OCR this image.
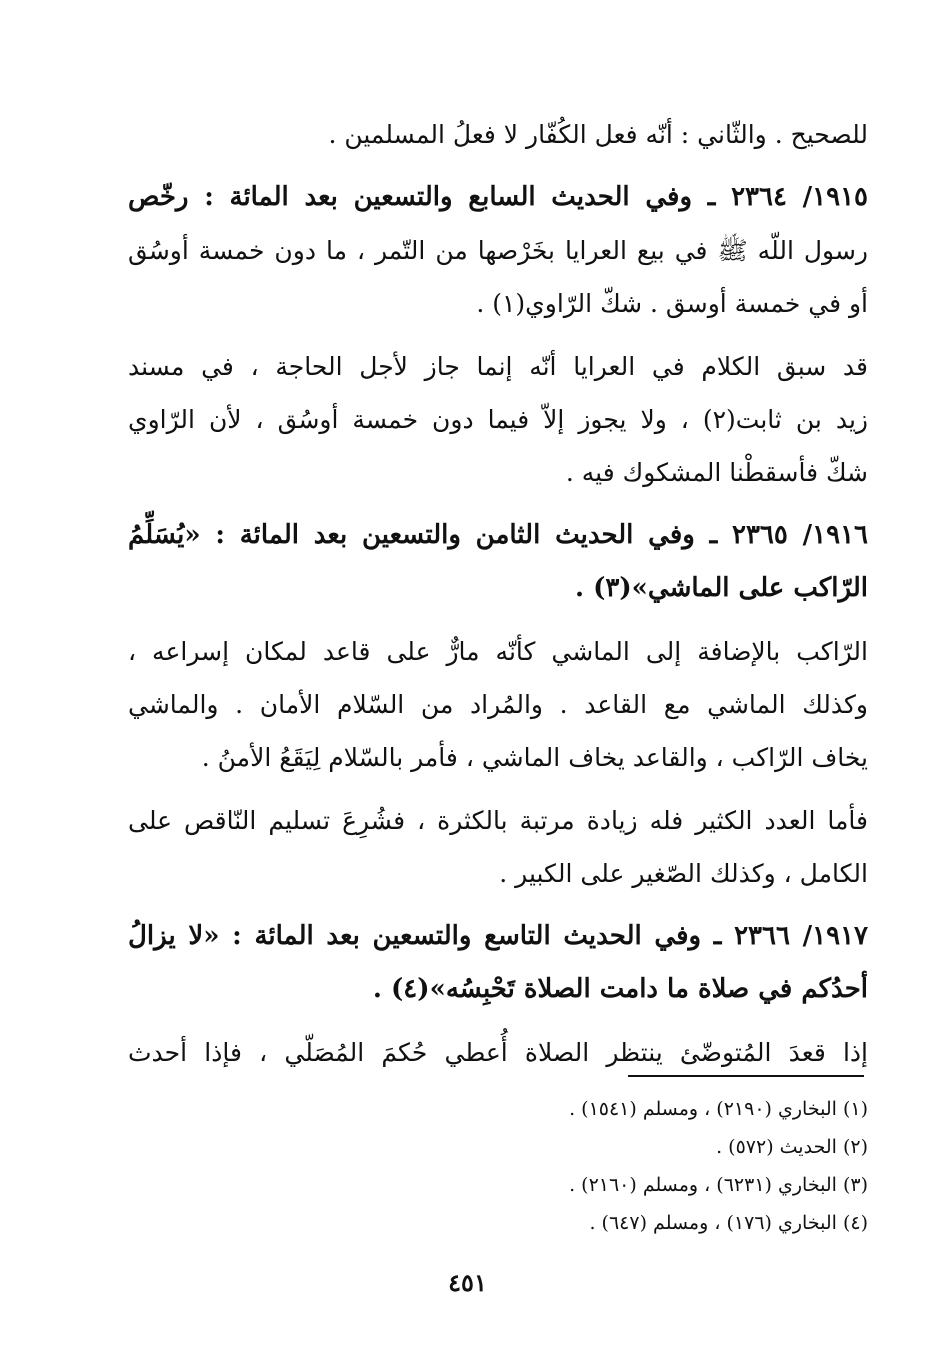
للصحيح . والثّاني : أنّه فعل الكُفّار لا فعلُ المسلمين .
١٩١٥/ ٢٣٦٤ ـ وفي الحديث السابع والتسعين بعد المائة : رخّص
رسول اللّه ﷺ في بيع العرايا بخَرْصها من التّمر ، ما دون خمسة أوسُق
أو في خمسة أوسق . شكّ الرّاوي(١) .
قد سبق الكلام في العرايا أنّه إنما جاز لأجل الحاجة ، في مسند
زيد بن ثابت(٢) ، ولا يجوز إلاّ فيما دون خمسة أوسُق ، لأن الرّاوي
شكّ فأسقطْنا المشكوك فيه .
١٩١٦/ ٢٣٦٥ ـ وفي الحديث الثامن والتسعين بعد المائة : «يُسَلِّمُ
الرّاكب على الماشي»(٣) .
الرّاكب بالإضافة إلى الماشي كأنّه مارٌّ على قاعد لمكان إسراعه ،
وكذلك الماشي مع القاعد . والمُراد من السّلام الأمان . والماشي
يخاف الرّاكب ، والقاعد يخاف الماشي ، فأمر بالسّلام لِيَقَعُ الأمنُ .
فأما العدد الكثير فله زيادة مرتبة بالكثرة ، فشُرِعَ تسليم النّاقص على
الكامل ، وكذلك الصّغير على الكبير .
١٩١٧/ ٢٣٦٦ ـ وفي الحديث التاسع والتسعين بعد المائة : «لا يزالُ
أحدُكم في صلاة ما دامت الصلاة تَحْبِسُه»(٤) .
إذا قعدَ المُتوضّئ ينتظر الصلاة أُعطي حُكمَ المُصَلّي ، فإذا أحدث
(١) البخاري (٢١٩٠) ، ومسلم (١٥٤١) .
(٢) الحديث (٥٧٢) .
(٣) البخاري (٦٢٣١) ، ومسلم (٢١٦٠) .
(٤) البخاري (١٧٦) ، ومسلم (٦٤٧) .
٤٥١
